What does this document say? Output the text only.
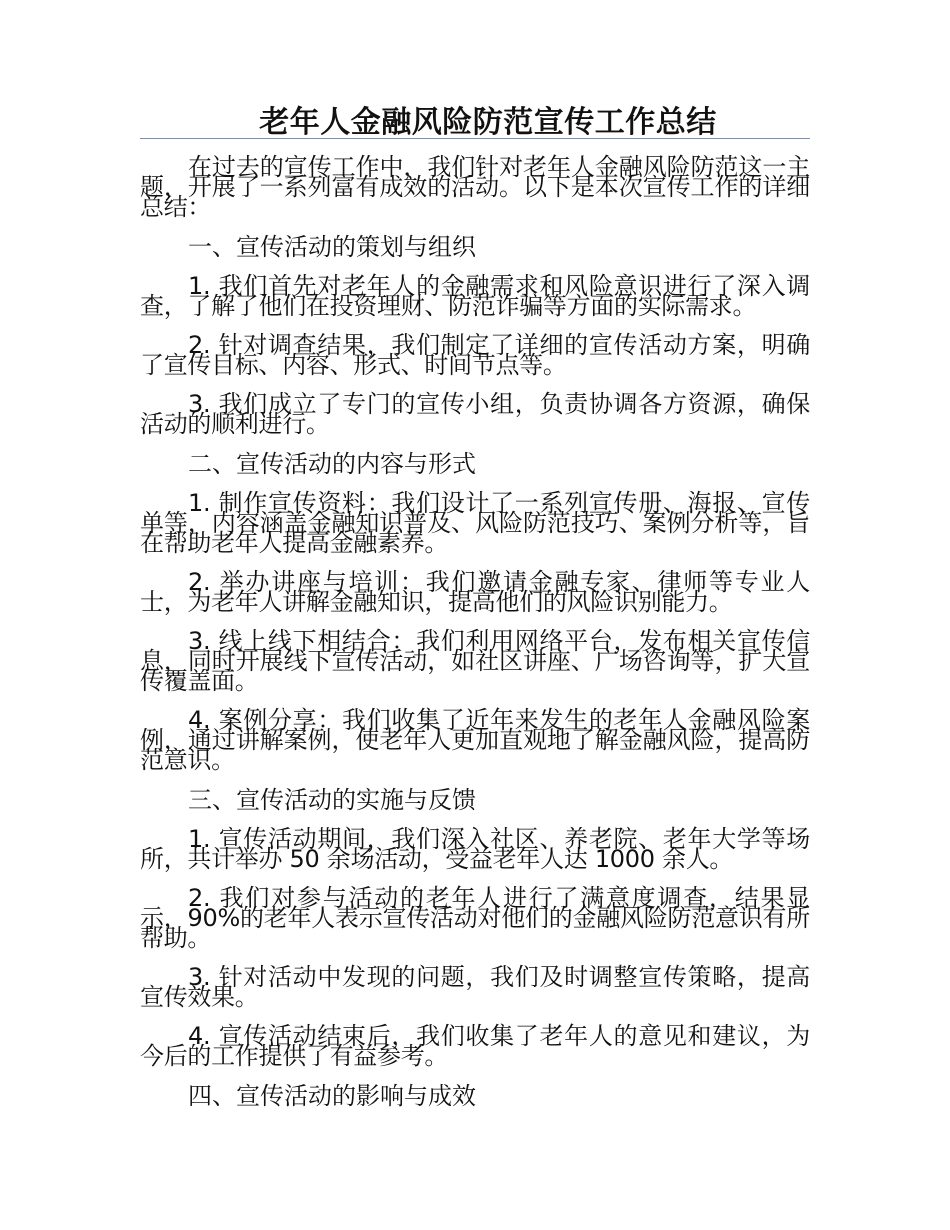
老年人金融风险防范宣传工作总结

在过去的宣传工作中，我们针对老年人金融风险防范这一主题，开展了一系列富有成效的活动。以下是本次宣传工作的详细总结：

一、宣传活动的策划与组织

1. 我们首先对老年人的金融需求和风险意识进行了深入调查，了解了他们在投资理财、防范诈骗等方面的实际需求。

2. 针对调查结果，我们制定了详细的宣传活动方案，明确了宣传目标、内容、形式、时间节点等。

3. 我们成立了专门的宣传小组，负责协调各方资源，确保活动的顺利进行。

二、宣传活动的内容与形式

1. 制作宣传资料：我们设计了一系列宣传册、海报、宣传单等，内容涵盖金融知识普及、风险防范技巧、案例分析等，旨在帮助老年人提高金融素养。

2. 举办讲座与培训：我们邀请金融专家、律师等专业人士，为老年人讲解金融知识，提高他们的风险识别能力。

3. 线上线下相结合：我们利用网络平台，发布相关宣传信息，同时开展线下宣传活动，如社区讲座、广场咨询等，扩大宣传覆盖面。

4. 案例分享：我们收集了近年来发生的老年人金融风险案例，通过讲解案例，使老年人更加直观地了解金融风险，提高防范意识。

三、宣传活动的实施与反馈

1. 宣传活动期间，我们深入社区、养老院、老年大学等场所，共计举办 50 余场活动，受益老年人达 1000 余人。

2. 我们对参与活动的老年人进行了满意度调查，结果显示，90%的老年人表示宣传活动对他们的金融风险防范意识有所帮助。

3. 针对活动中发现的问题，我们及时调整宣传策略，提高宣传效果。

4. 宣传活动结束后，我们收集了老年人的意见和建议，为今后的工作提供了有益参考。

四、宣传活动的影响与成效
